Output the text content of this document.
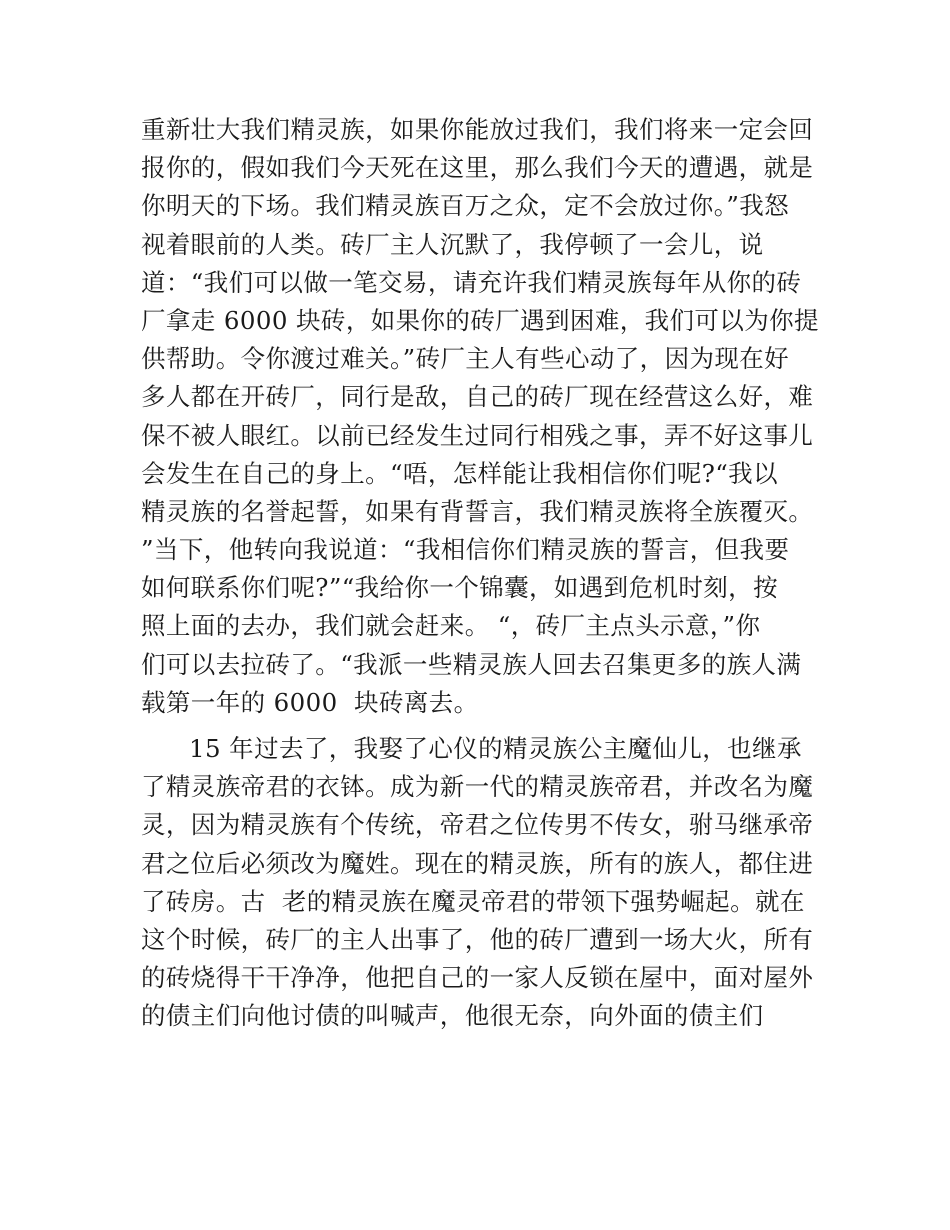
重新壮大我们精灵族，如果你能放过我们，我们将来一定会回
报你的，假如我们今天死在这里，那么我们今天的遭遇，就是
你明天的下场。我们精灵族百万之众，定不会放过你。”我怒
视着眼前的人类。砖厂主人沉默了，我停顿了一会儿，说
道：“我们可以做一笔交易，请充许我们精灵族每年从你的砖
厂拿走 6000 块砖，如果你的砖厂遇到困难，我们可以为你提
供帮助。令你渡过难关。”砖厂主人有些心动了，因为现在好
多人都在开砖厂，同行是敌，自己的砖厂现在经营这么好，难
保不被人眼红。以前已经发生过同行相残之事，弄不好这事儿
会发生在自己的身上。“唔，怎样能让我相信你们呢?“我以
精灵族的名誉起誓，如果有背誓言，我们精灵族将全族覆灭。
”当下，他转向我说道：“我相信你们精灵族的誓言，但我要
如何联系你们呢?”“我给你一个锦囊，如遇到危机时刻，按
照上面的去办，我们就会赶来。 “，砖厂主点头示意，”你
们可以去拉砖了。“我派一些精灵族人回去召集更多的族人满
载第一年的 6000  块砖离去。
15 年过去了，我娶了心仪的精灵族公主魔仙儿，也继承
了精灵族帝君的衣钵。成为新一代的精灵族帝君，并改名为魔
灵，因为精灵族有个传统，帝君之位传男不传女，驸马继承帝
君之位后必须改为魔姓。现在的精灵族，所有的族人，都住进
了砖房。古  老的精灵族在魔灵帝君的带领下强势崛起。就在
这个时候，砖厂的主人出事了，他的砖厂遭到一场大火，所有
的砖烧得干干净净，他把自己的一家人反锁在屋中，面对屋外
的债主们向他讨债的叫喊声，他很无奈，向外面的债主们
